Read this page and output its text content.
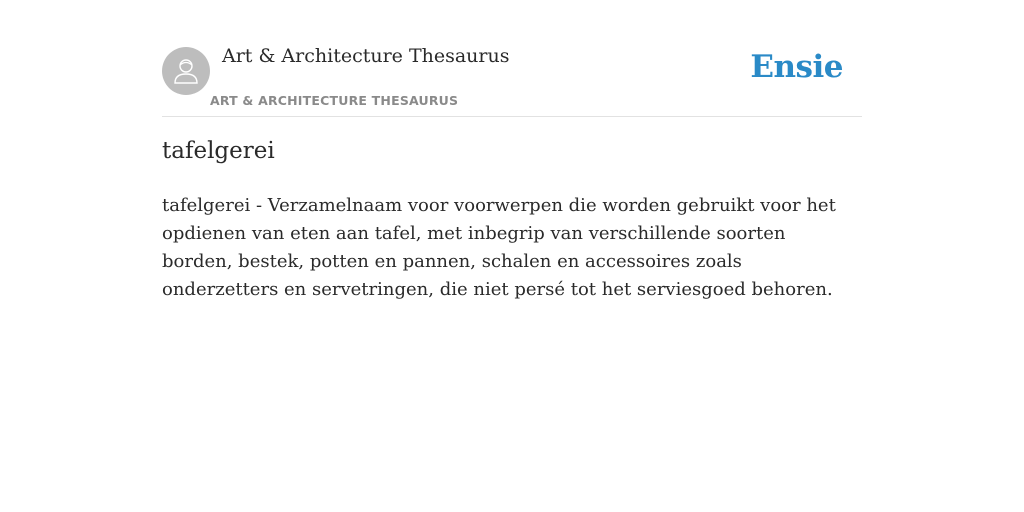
Art & Architecture Thesaurus
ART & ARCHITECTURE THESAURUS
Ensie
tafelgerei

tafelgerei - Verzamelnaam voor voorwerpen die worden gebruikt voor het opdienen van eten aan tafel, met inbegrip van verschillende soorten borden, bestek, potten en pannen, schalen en accessoires zoals onderzetters en servetringen, die niet persé tot het serviesgoed behoren.
